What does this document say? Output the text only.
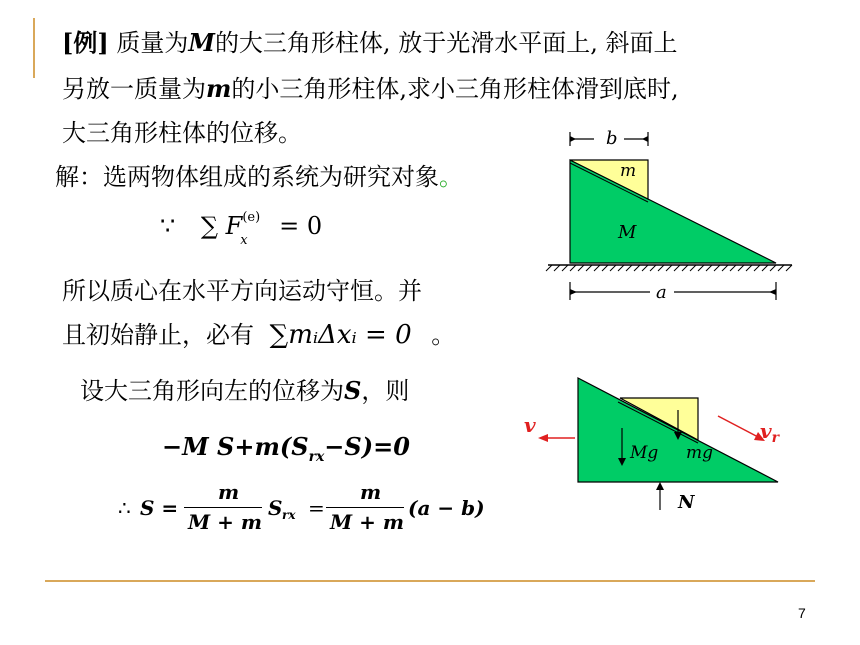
[例] 质量为M的大三角形柱体, 放于光滑水平面上, 斜面上
另放一质量为m的小三角形柱体,求小三角形柱体滑到底时,
大三角形柱体的位移。
解：选两物体组成的系统为研究对象。
∵ ∑ $F^{(e)}_x = 0$
所以质心在水平方向运动守恒。并
且初始静止，必有 ∑mᵢΔxᵢ = 0 。
设大三角形向左的位移为S，则
−M $S+m(S_{rx}-S)=0$
∴ S =
m
M + m
S rx =
m
M + m
(a − b)
b
m
M
a
v	$v_r$
Mg mg
N
7
